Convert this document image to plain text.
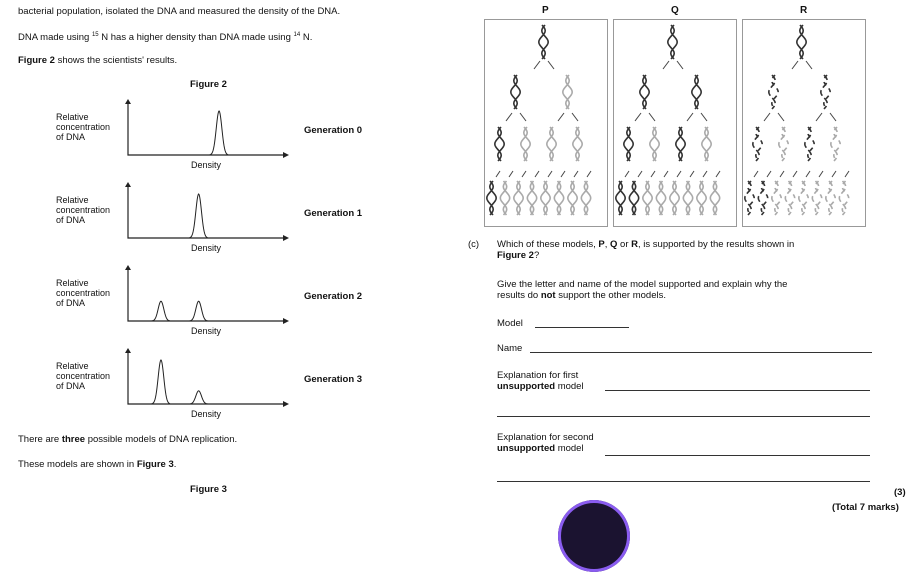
bacterial population, isolated the DNA and measured the density of the DNA.
DNA made using $^{15}$ N has a higher density than DNA made using $^{14}$ N.
Figure 2 shows the scientists' results.
Figure 2
Relative
concentration
of DNA
Density
Generation 0
Relative
concentration
of DNA
Density
Generation 1
Relative
concentration
of DNA
Density
Generation 2
Relative
concentration
of DNA
Density
Generation 3
There are three possible models of DNA replication.
These models are shown in Figure 3.
Figure 3
P	Q	R
(c) Which of these models, P, Q or R, is supported by the results shown in
Figure 2?
Give the letter and name of the model supported and explain why the
results do not support the other models.
Model
Name
Explanation for first
unsupported model
Explanation for second
unsupported model
(3)
(Total 7 marks)
